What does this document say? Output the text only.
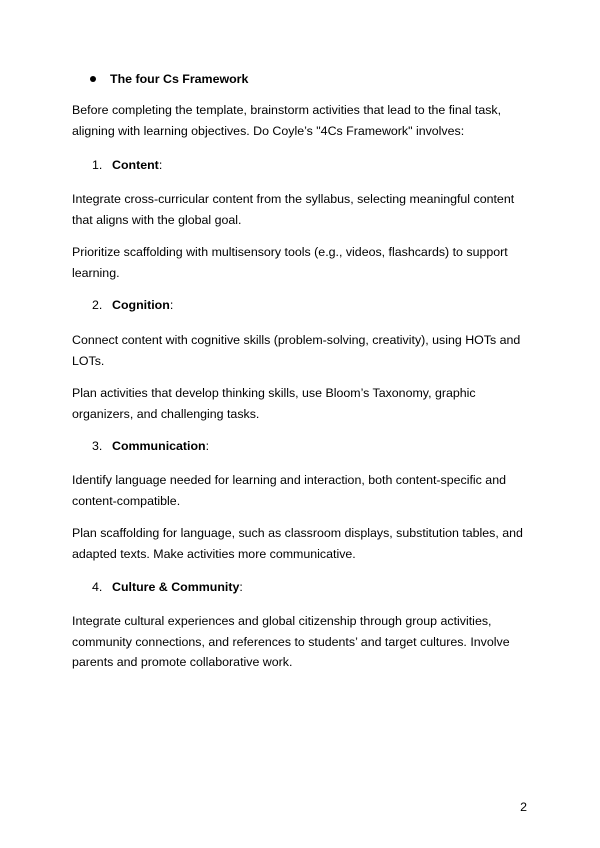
The four Cs Framework

Before completing the template, brainstorm activities that lead to the final task,
aligning with learning objectives. Do Coyle’s "4Cs Framework" involves:

1. Content:

Integrate cross-curricular content from the syllabus, selecting meaningful content
that aligns with the global goal.

Prioritize scaffolding with multisensory tools (e.g., videos, flashcards) to support
learning.

2. Cognition:

Connect content with cognitive skills (problem-solving, creativity), using HOTs and
LOTs.

Plan activities that develop thinking skills, use Bloom’s Taxonomy, graphic
organizers, and challenging tasks.

3. Communication:

Identify language needed for learning and interaction, both content-specific and
content-compatible.

Plan scaffolding for language, such as classroom displays, substitution tables, and
adapted texts. Make activities more communicative.

4. Culture & Community:

Integrate cultural experiences and global citizenship through group activities,
community connections, and references to students’ and target cultures. Involve
parents and promote collaborative work.

2
